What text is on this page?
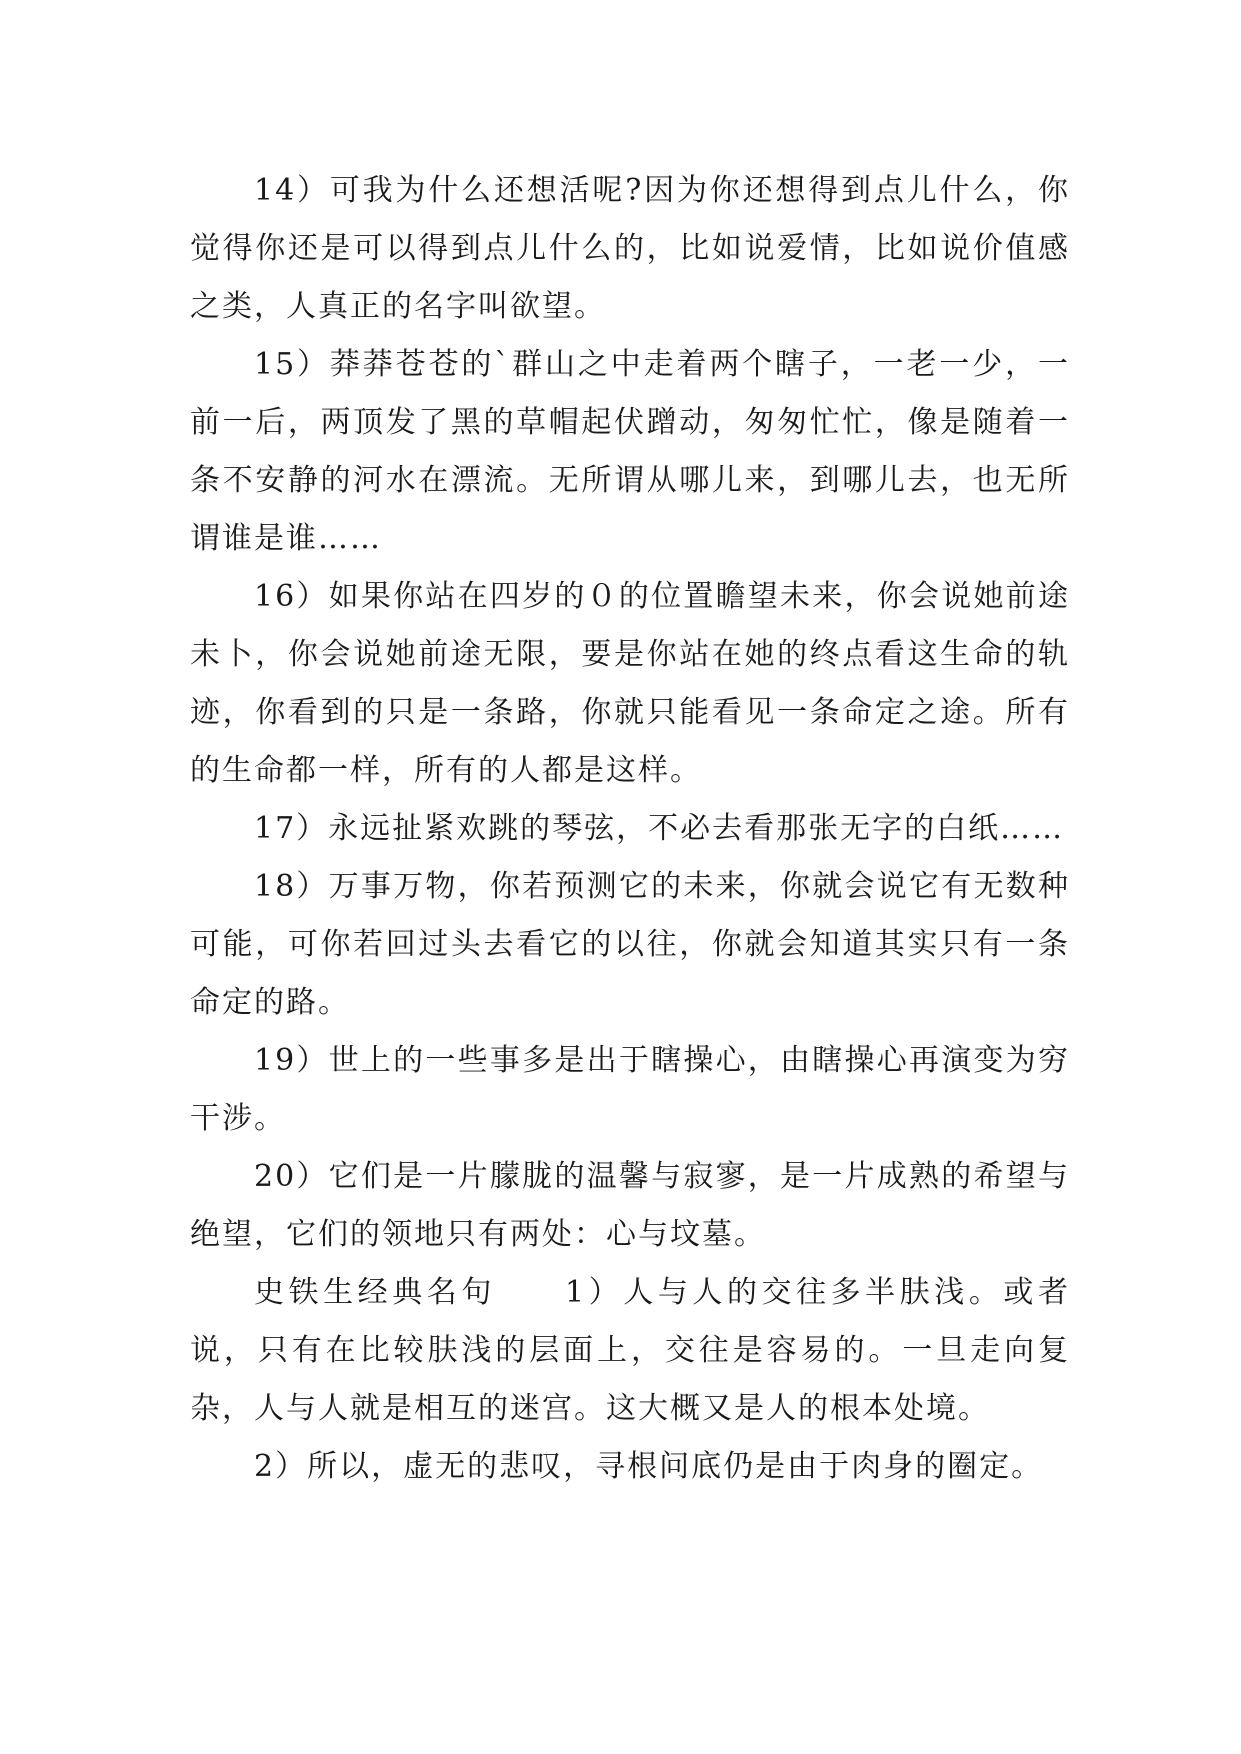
14）可我为什么还想活呢?因为你还想得到点儿什么，你觉得你还是可以得到点儿什么的，比如说爱情，比如说价值感之类，人真正的名字叫欲望。

15）莽莽苍苍的`群山之中走着两个瞎子，一老一少，一前一后，两顶发了黑的草帽起伏蹭动，匆匆忙忙，像是随着一条不安静的河水在漂流。无所谓从哪儿来，到哪儿去，也无所谓谁是谁……

16）如果你站在四岁的０的位置瞻望未来，你会说她前途未卜，你会说她前途无限，要是你站在她的终点看这生命的轨迹，你看到的只是一条路，你就只能看见一条命定之途。所有的生命都一样，所有的人都是这样。

17）永远扯紧欢跳的琴弦，不必去看那张无字的白纸……

18）万事万物，你若预测它的未来，你就会说它有无数种可能，可你若回过头去看它的以往，你就会知道其实只有一条命定的路。

19）世上的一些事多是出于瞎操心，由瞎操心再演变为穷干涉。

20）它们是一片朦胧的温馨与寂寥，是一片成熟的希望与绝望，它们的领地只有两处：心与坟墓。

史铁生经典名句　　1）人与人的交往多半肤浅。或者说，只有在比较肤浅的层面上，交往是容易的。一旦走向复杂，人与人就是相互的迷宫。这大概又是人的根本处境。

2）所以，虚无的悲叹，寻根问底仍是由于肉身的圈定。
